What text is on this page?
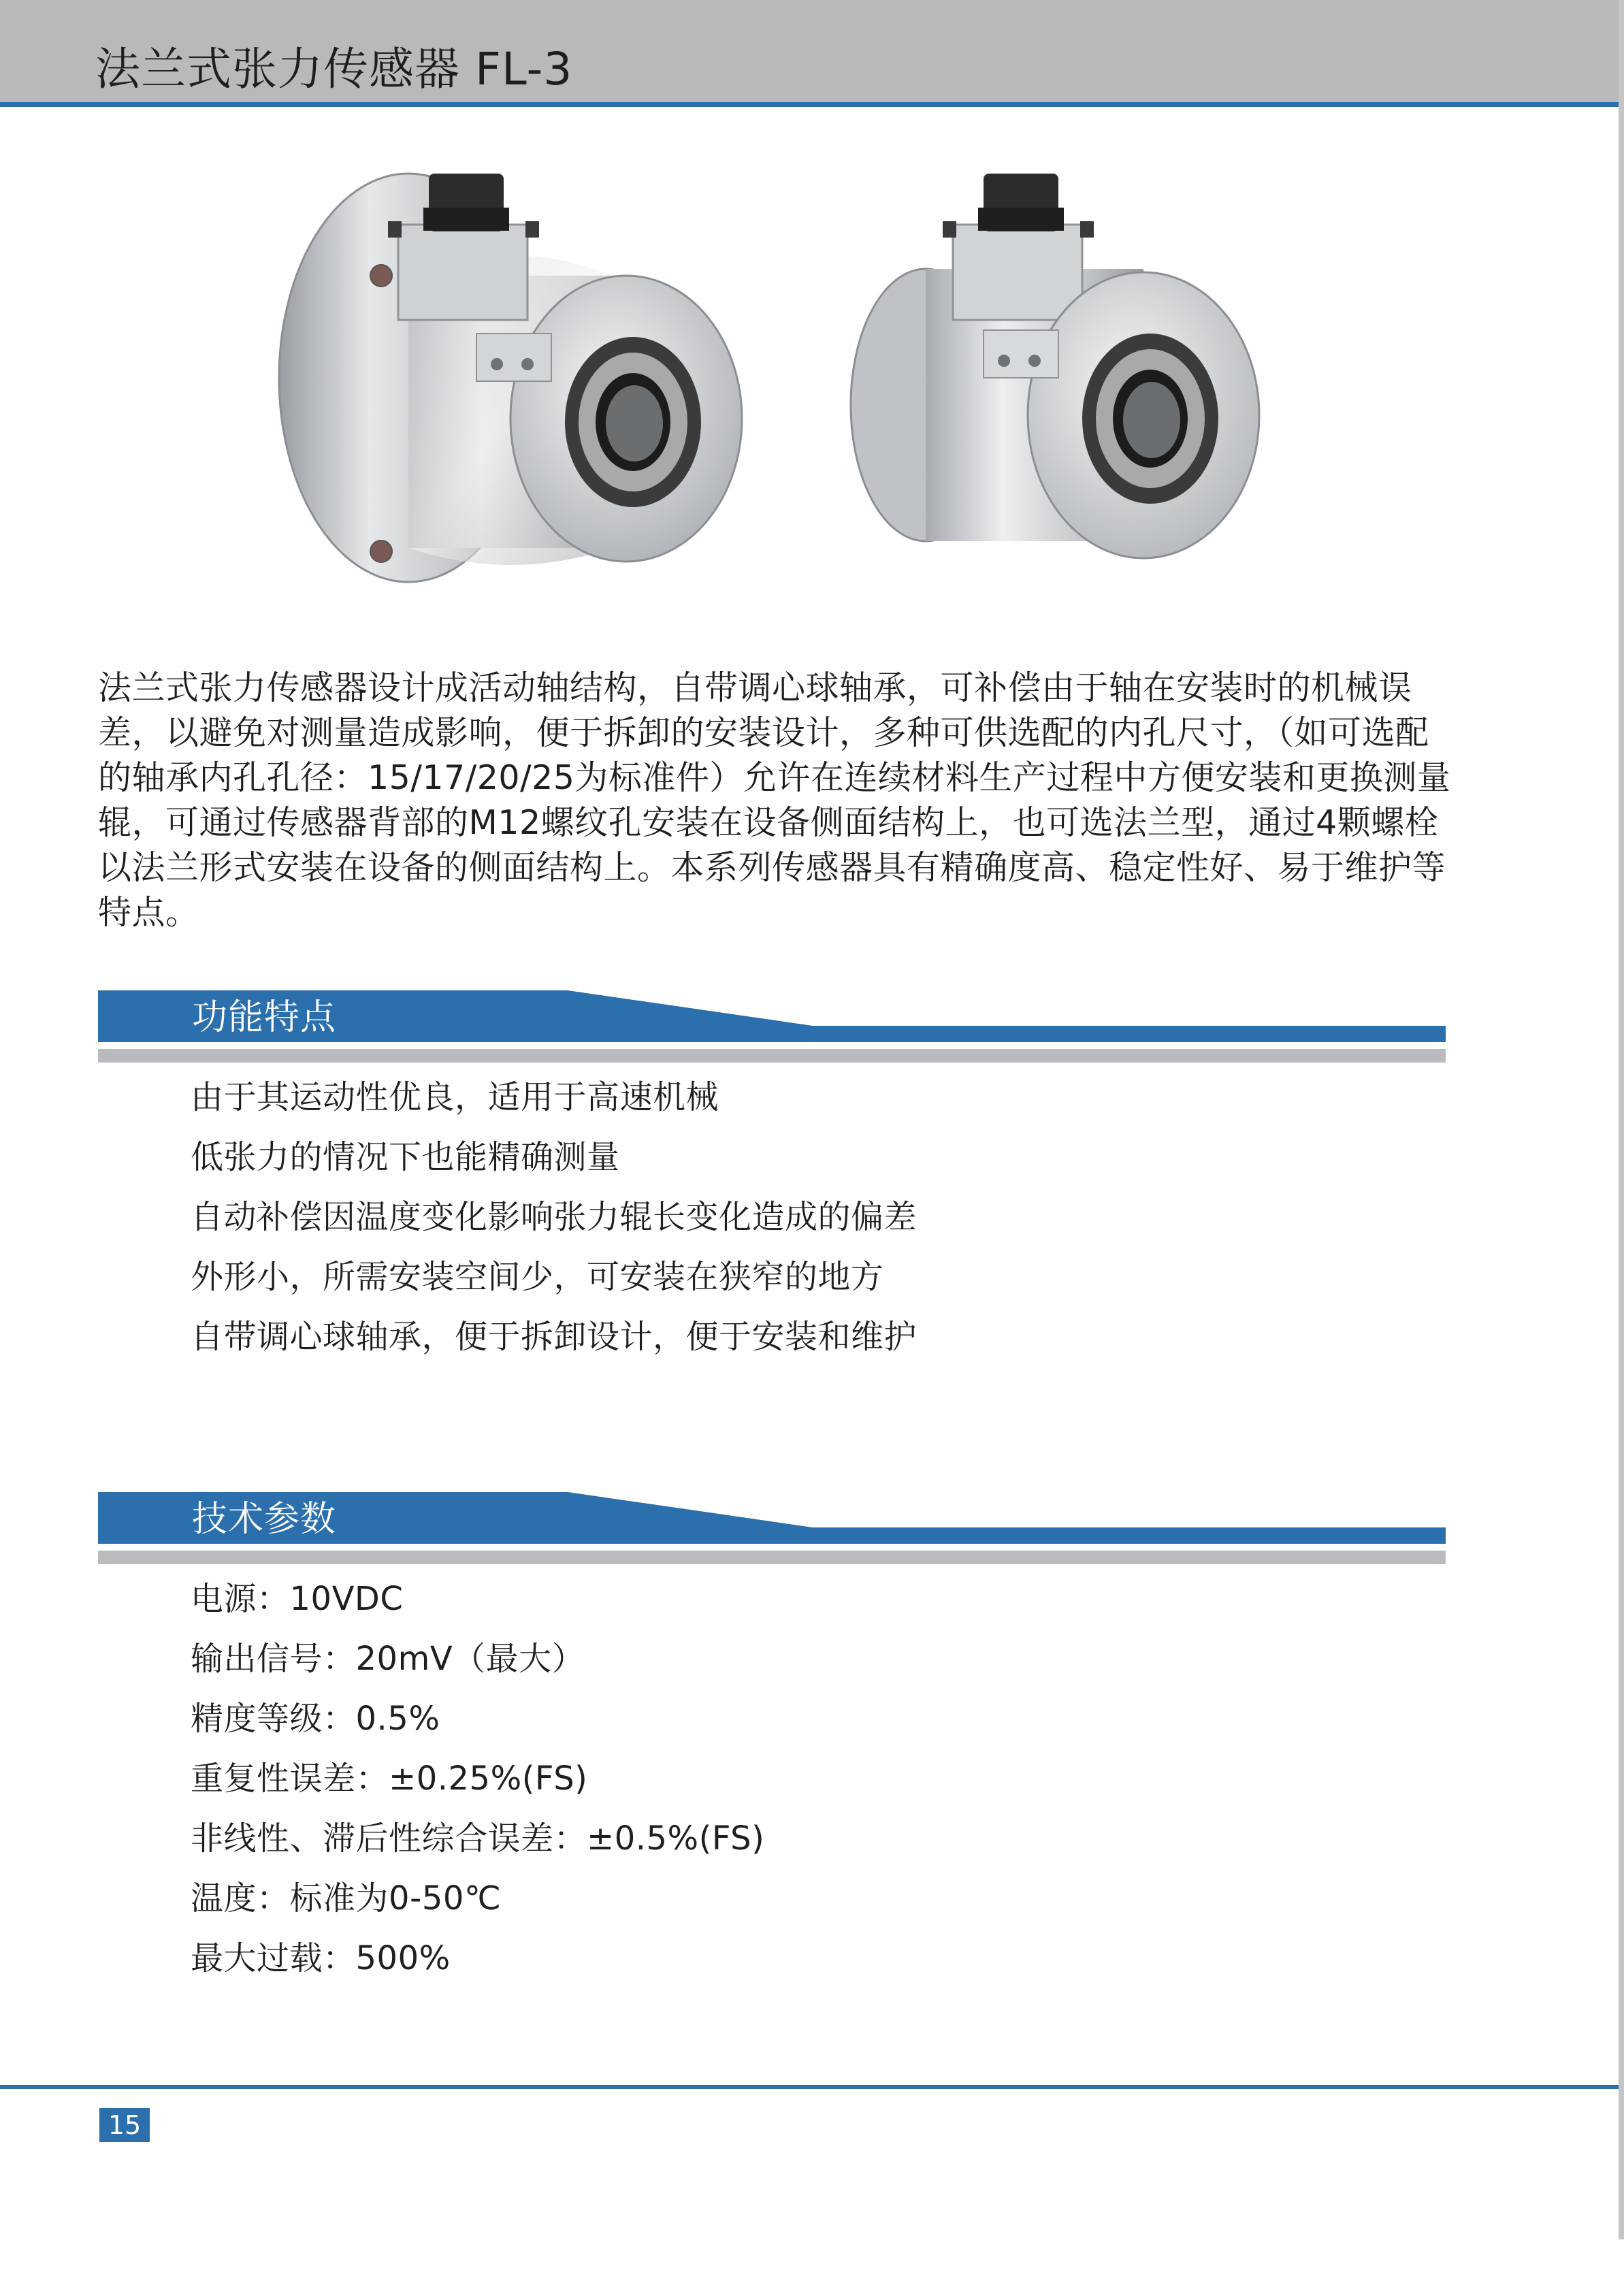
法兰式张力传感器 FL-3
法兰式张力传感器设计成活动轴结构，自带调心球轴承，可补偿由于轴在安装时的机械误差，以避免对测量造成影响，便于拆卸的安装设计，多种可供选配的内孔尺寸，（如可选配的轴承内孔孔径：15/17/20/25为标准件）允许在连续材料生产过程中方便安装和更换测量辊，可通过传感器背部的M12螺纹孔安装在设备侧面结构上，也可选法兰型，通过4颗螺栓以法兰形式安装在设备的侧面结构上。本系列传感器具有精确度高、稳定性好、易于维护等特点。
功能特点
由于其运动性优良，适用于高速机械
低张力的情况下也能精确测量
自动补偿因温度变化影响张力辊长变化造成的偏差
外形小，所需安装空间少，可安装在狭窄的地方
自带调心球轴承，便于拆卸设计，便于安装和维护
技术参数
电源：10VDC
输出信号：20mV（最大）
精度等级：0.5%
重复性误差：±0.25%(FS)
非线性、滞后性综合误差：±0.5%(FS)
温度：标准为0-50℃
最大过载：500%
15
